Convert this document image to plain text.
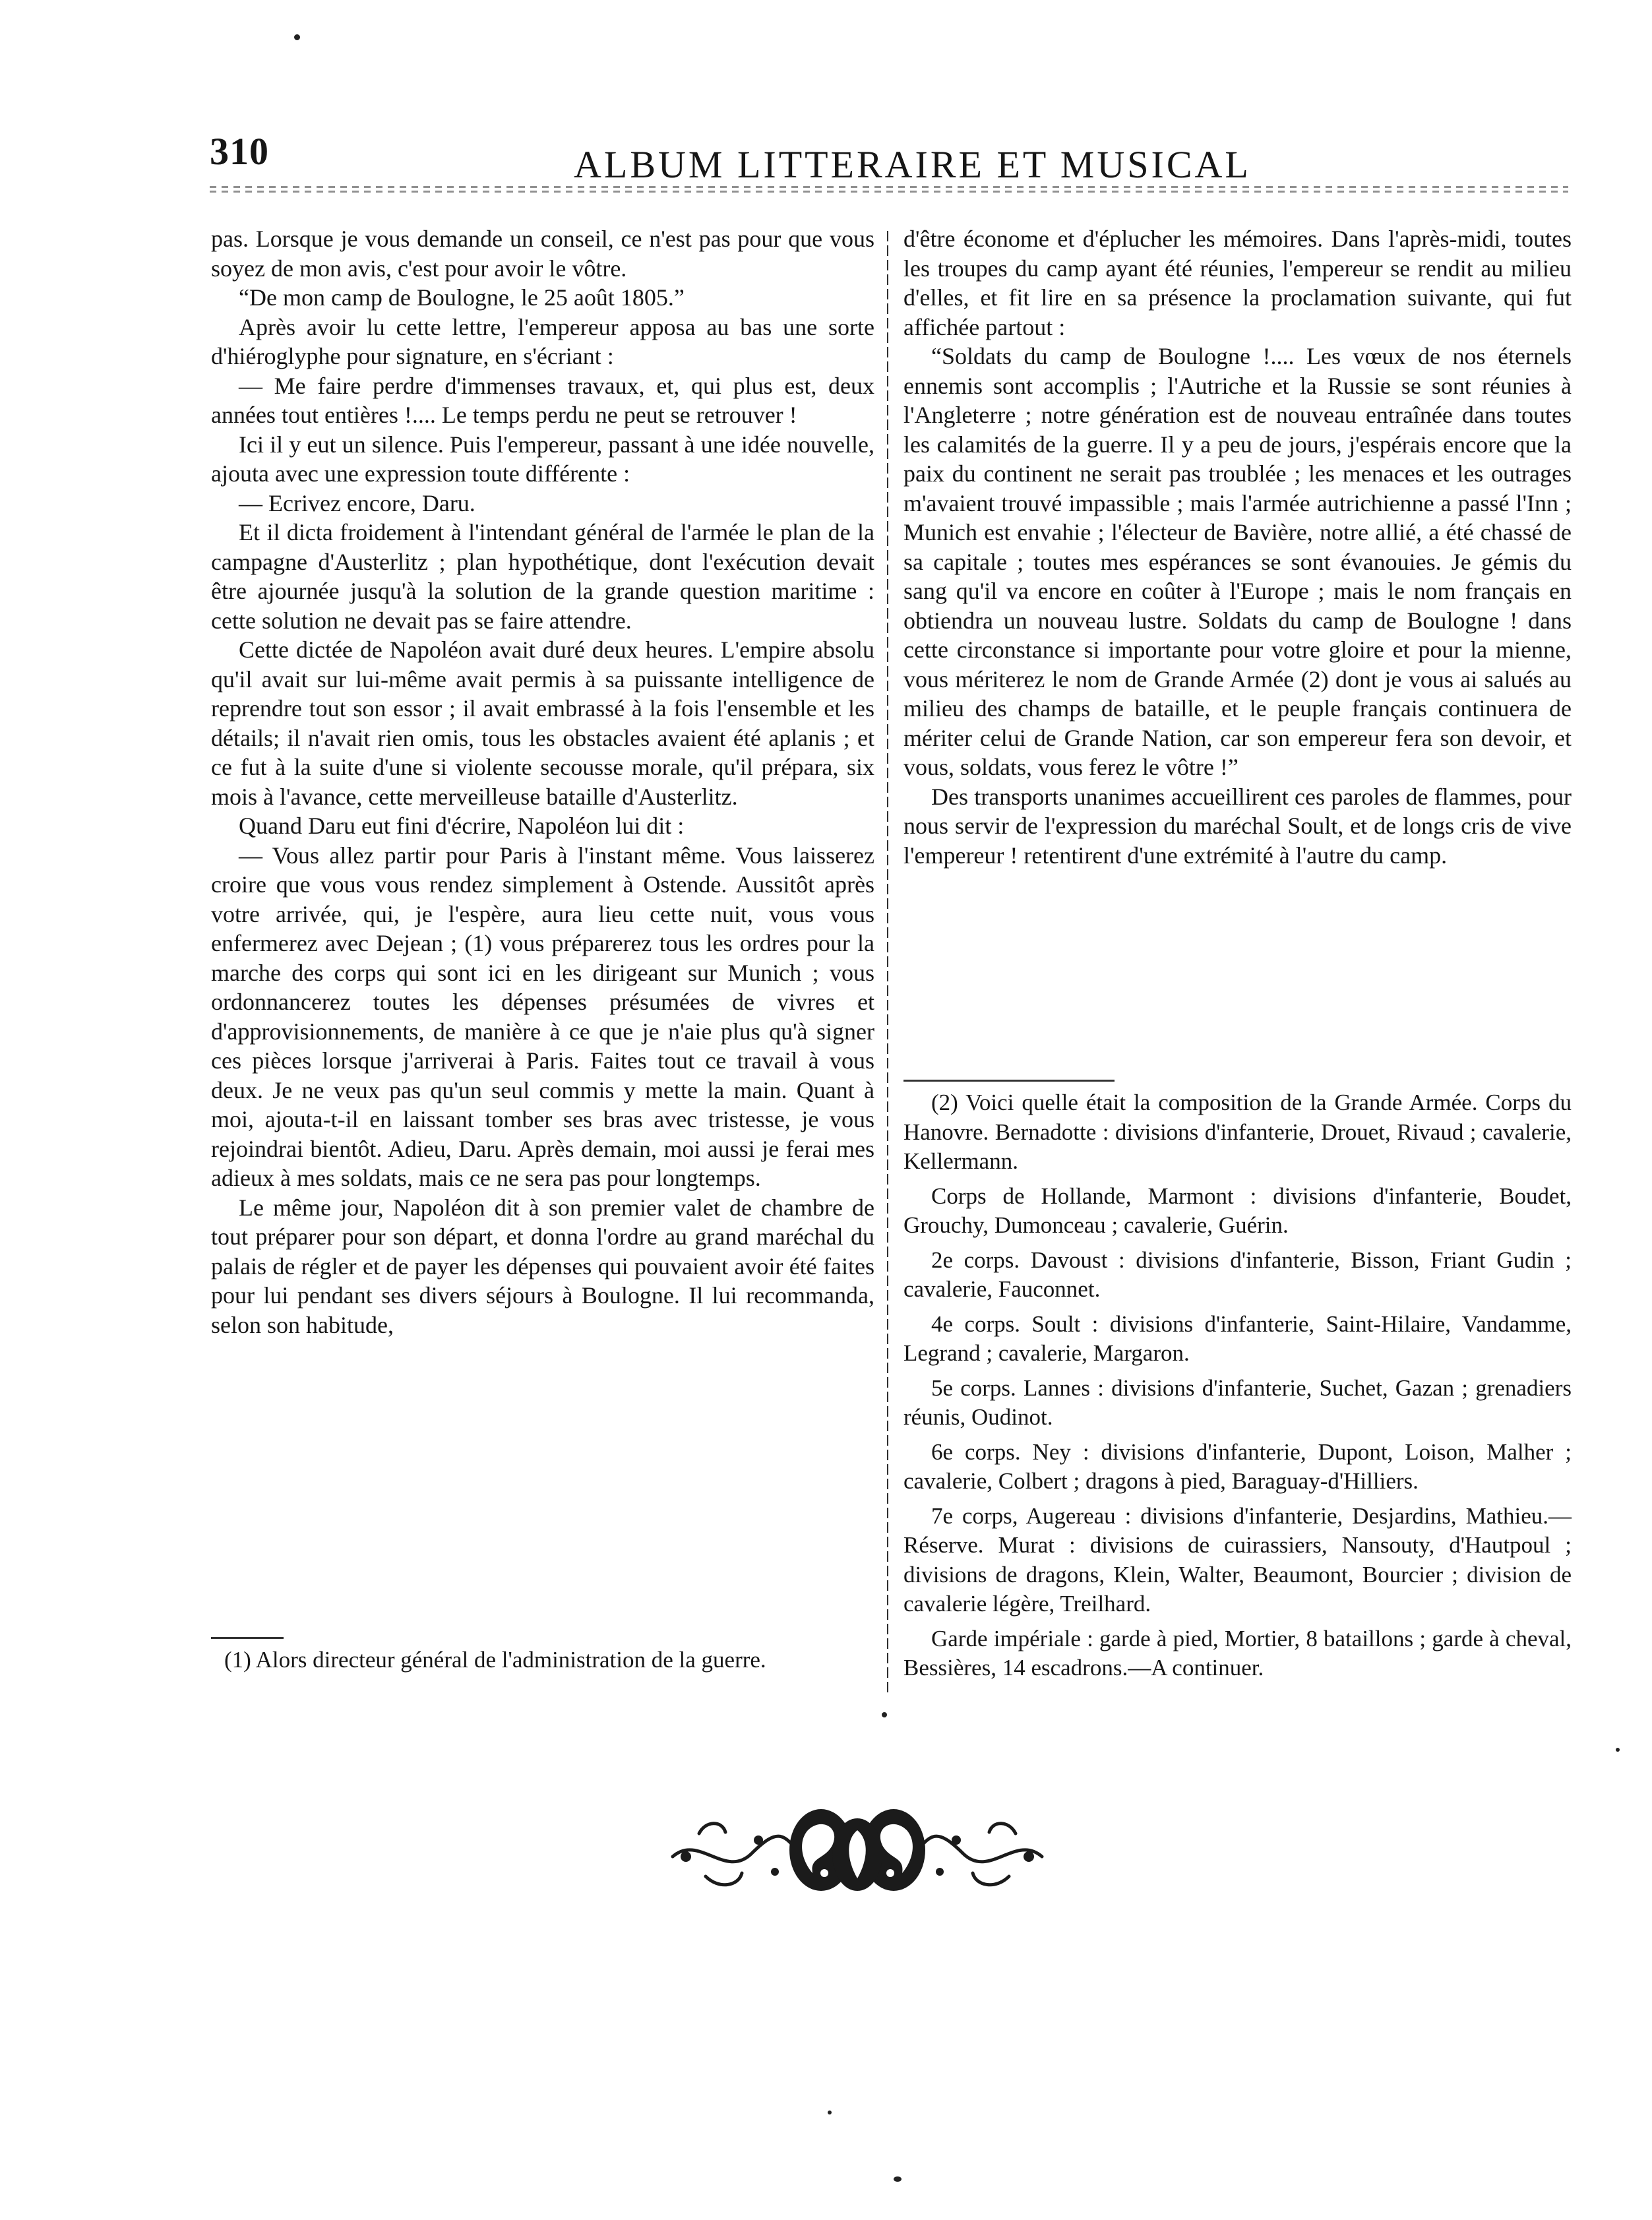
310	ALBUM LITTERAIRE ET MUSICAL

pas. Lorsque je vous demande un conseil, ce n'est pas pour que vous soyez de mon avis, c'est pour avoir le vôtre.

“De mon camp de Boulogne, le 25 août 1805.”

Après avoir lu cette lettre, l'empereur apposa au bas une sorte d'hiéroglyphe pour signature, en s'écriant :

— Me faire perdre d'immenses travaux, et, qui plus est, deux années tout entières !.... Le temps perdu ne peut se retrouver !

Ici il y eut un silence. Puis l'empereur, passant à une idée nouvelle, ajouta avec une expression toute différente :

— Ecrivez encore, Daru.

Et il dicta froidement à l'intendant général de l'armée le plan de la campagne d'Austerlitz ; plan hypothétique, dont l'exécution devait être ajournée jusqu'à la solution de la grande question maritime : cette solution ne devait pas se faire attendre.

Cette dictée de Napoléon avait duré deux heures. L'empire absolu qu'il avait sur lui-même avait permis à sa puissante intelligence de reprendre tout son essor ; il avait embrassé à la fois l'ensemble et les détails; il n'avait rien omis, tous les obstacles avaient été aplanis ; et ce fut à la suite d'une si violente secousse morale, qu'il prépara, six mois à l'avance, cette merveilleuse bataille d'Austerlitz.

Quand Daru eut fini d'écrire, Napoléon lui dit :

— Vous allez partir pour Paris à l'instant même. Vous laisserez croire que vous vous rendez simplement à Ostende. Aussitôt après votre arrivée, qui, je l'espère, aura lieu cette nuit, vous vous enfermerez avec Dejean ; (1) vous préparerez tous les ordres pour la marche des corps qui sont ici en les dirigeant sur Munich ; vous ordonnancerez toutes les dépenses présumées de vivres et d'approvisionnements, de manière à ce que je n'aie plus qu'à signer ces pièces lorsque j'arriverai à Paris. Faites tout ce travail à vous deux. Je ne veux pas qu'un seul commis y mette la main. Quant à moi, ajouta-t-il en laissant tomber ses bras avec tristesse, je vous rejoindrai bientôt. Adieu, Daru. Après demain, moi aussi je ferai mes adieux à mes soldats, mais ce ne sera pas pour longtemps.

Le même jour, Napoléon dit à son premier valet de chambre de tout préparer pour son départ, et donna l'ordre au grand maréchal du palais de régler et de payer les dépenses qui pouvaient avoir été faites pour lui pendant ses divers séjours à Boulogne. Il lui recommanda, selon son habitude,

(1) Alors directeur général de l'administration de la guerre.

d'être économe et d'éplucher les mémoires. Dans l'après-midi, toutes les troupes du camp ayant été réunies, l'empereur se rendit au milieu d'elles, et fit lire en sa présence la proclamation suivante, qui fut affichée partout :

“Soldats du camp de Boulogne !.... Les vœux de nos éternels ennemis sont accomplis ; l'Autriche et la Russie se sont réunies à l'Angleterre ; notre génération est de nouveau entraînée dans toutes les calamités de la guerre. Il y a peu de jours, j'espérais encore que la paix du continent ne serait pas troublée ; les menaces et les outrages m'avaient trouvé impassible ; mais l'armée autrichienne a passé l'Inn ; Munich est envahie ; l'électeur de Bavière, notre allié, a été chassé de sa capitale ; toutes mes espérances se sont évanouies. Je gémis du sang qu'il va encore en coûter à l'Europe ; mais le nom français en obtiendra un nouveau lustre. Soldats du camp de Boulogne ! dans cette circonstance si importante pour votre gloire et pour la mienne, vous mériterez le nom de Grande Armée (2) dont je vous ai salués au milieu des champs de bataille, et le peuple français continuera de mériter celui de Grande Nation, car son empereur fera son devoir, et vous, soldats, vous ferez le vôtre !”

Des transports unanimes accueillirent ces paroles de flammes, pour nous servir de l'expression du maréchal Soult, et de longs cris de vive l'empereur ! retentirent d'une extrémité à l'autre du camp.

(2) Voici quelle était la composition de la Grande Armée. Corps du Hanovre. Bernadotte : divisions d'infanterie, Drouet, Rivaud ; cavalerie, Kellermann.

Corps de Hollande, Marmont : divisions d'infanterie, Boudet, Grouchy, Dumonceau ; cavalerie, Guérin.

2e corps. Davoust : divisions d'infanterie, Bisson, Friant Gudin ; cavalerie, Fauconnet.

4e corps. Soult : divisions d'infanterie, Saint-Hilaire, Vandamme, Legrand ; cavalerie, Margaron.

5e corps. Lannes : divisions d'infanterie, Suchet, Gazan ; grenadiers réunis, Oudinot.

6e corps. Ney : divisions d'infanterie, Dupont, Loison, Malher ; cavalerie, Colbert ; dragons à pied, Baraguay-d'Hilliers.

7e corps, Augereau : divisions d'infanterie, Desjardins, Mathieu.—Réserve. Murat : divisions de cuirassiers, Nansouty, d'Hautpoul ; divisions de dragons, Klein, Walter, Beaumont, Bourcier ; division de cavalerie légère, Treilhard.

Garde impériale : garde à pied, Mortier, 8 bataillons ; garde à cheval, Bessières, 14 escadrons.—A continuer.
